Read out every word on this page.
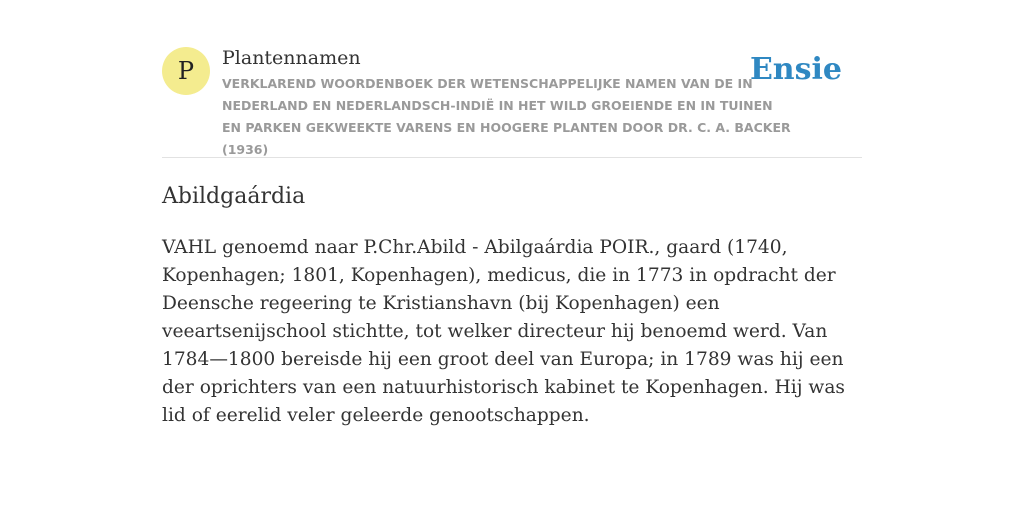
P	Plantennamen
VERKLAREND WOORDENBOEK DER WETENSCHAPPELIJKE NAMEN VAN DE IN NEDERLAND EN NEDERLANDSCH-INDIË IN HET WILD GROEIENDE EN IN TUINEN EN PARKEN GEKWEEKTE VARENS EN HOOGERE PLANTEN DOOR DR. C. A. BACKER (1936)
Ensie
Abildgaárdia
VAHL genoemd naar P.Chr.Abild - Abilgaárdia POIR., gaard (1740, Kopenhagen; 1801, Kopenhagen), medicus, die in 1773 in opdracht der Deensche regeering te Kristianshavn (bij Kopenhagen) een veeartsenijschool stichtte, tot welker directeur hij benoemd werd. Van 1784—1800 bereisde hij een groot deel van Europa; in 1789 was hij een der oprichters van een natuurhistorisch kabinet te Kopenhagen. Hij was lid of eerelid veler geleerde genootschappen.
